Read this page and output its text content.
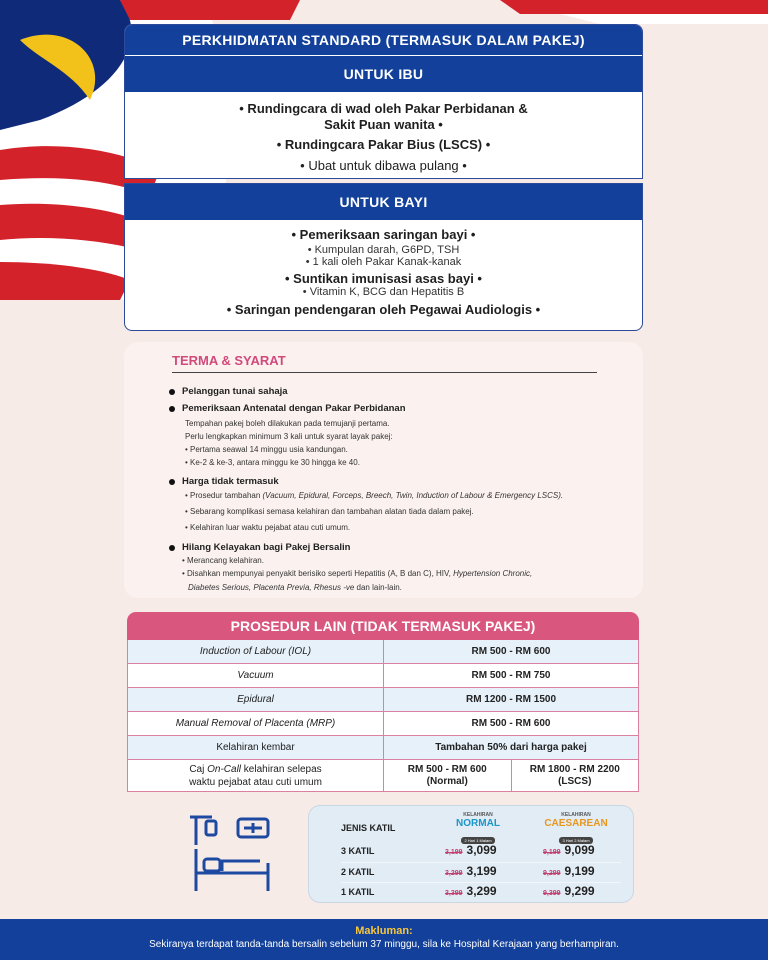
PERKHIDMATAN STANDARD (TERMASUK DALAM PAKEJ)
UNTUK IBU
• Rundingcara di wad oleh Pakar Perbidanan &
Sakit Puan wanita •
• Rundingcara Pakar Bius (LSCS) •
• Ubat untuk dibawa pulang •
UNTUK BAYI
• Pemeriksaan saringan bayi •
• Kumpulan darah, G6PD, TSH
• 1 kali oleh Pakar Kanak-kanak
• Suntikan imunisasi asas bayi •
• Vitamin K, BCG dan Hepatitis B
• Saringan pendengaran oleh Pegawai Audiologis •
TERMA & SYARAT
Pelanggan tunai sahaja
Pemeriksaan Antenatal dengan Pakar Perbidanan
Tempahan pakej boleh dilakukan pada temujanji pertama.
Perlu lengkapkan minimum 3 kali untuk syarat layak pakej:
• Pertama seawal 14 minggu usia kandungan.
• Ke-2 & ke-3, antara minggu ke 30 hingga ke 40.
Harga tidak termasuk
• Prosedur tambahan (Vacuum, Epidural, Forceps, Breech, Twin, Induction of Labour & Emergency LSCS).
• Sebarang komplikasi semasa kelahiran dan tambahan alatan tiada dalam pakej.
• Kelahiran luar waktu pejabat atau cuti umum.
Hilang Kelayakan bagi Pakej Bersalin
• Merancang kelahiran.
• Disahkan mempunyai penyakit berisiko seperti Hepatitis (A, B dan C), HIV, Hypertension Chronic,
Diabetes Serious, Placenta Previa, Rhesus -ve dan lain-lain.
PROSEDUR LAIN (TIDAK TERMASUK PAKEJ)
Induction of Labour (IOL)	RM 500 - RM 600
Vacuum	RM 500 - RM 750
Epidural	RM 1200 - RM 1500
Manual Removal of Placenta (MRP)	RM 500 - RM 600
Kelahiran kembar	Tambahan 50% dari harga pakej
Caj On-Call kelahiran selepas
waktu pejabat atau cuti umum
RM 500 - RM 600
(Normal)
RM 1800 - RM 2200
(LSCS)
JENIS KATIL
KELAHIRAN
NORMAL
2 Hari 1 Malam
KELAHIRAN
CAESAREAN
3 Hari 2 Malam
3 KATIL	3,199 3,099	9,199 9,099
2 KATIL	3,299 3,199	9,299 9,199
1 KATIL	3,399 3,299	9,399 9,299
Makluman:
Sekiranya terdapat tanda-tanda bersalin sebelum 37 minggu, sila ke Hospital Kerajaan yang berhampiran.
